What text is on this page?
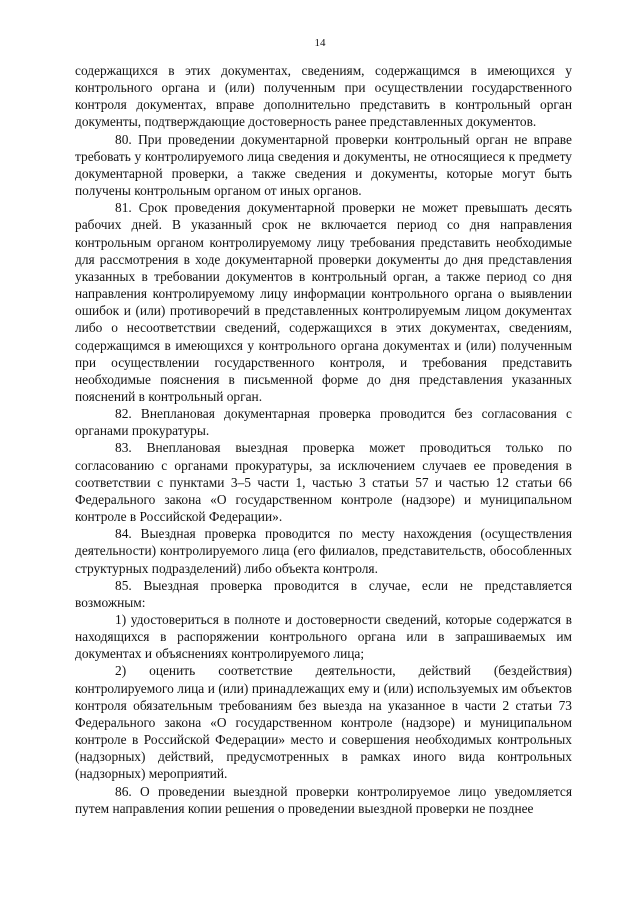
14

содержащихся в этих документах, сведениям, содержащимся в имеющихся у контрольного органа и (или) полученным при осуществлении государственного контроля документах, вправе дополнительно представить в контрольный орган документы, подтверждающие достоверность ранее представленных документов.

80. При проведении документарной проверки контрольный орган не вправе требовать у контролируемого лица сведения и документы, не относящиеся к предмету документарной проверки, а также сведения и документы, которые могут быть получены контрольным органом от иных органов.

81. Срок проведения документарной проверки не может превышать десять рабочих дней. В указанный срок не включается период со дня направления контрольным органом контролируемому лицу требования представить необходимые для рассмотрения в ходе документарной проверки документы до дня представления указанных в требовании документов в контрольный орган, а также период со дня направления контролируемому лицу информации контрольного органа о выявлении ошибок и (или) противоречий в представленных контролируемым лицом документах либо о несоответствии сведений, содержащихся в этих документах, сведениям, содержащимся в имеющихся у контрольного органа документах и (или) полученным при осуществлении государственного контроля, и требования представить необходимые пояснения в письменной форме до дня представления указанных пояснений в контрольный орган.

82. Внеплановая документарная проверка проводится без согласования с органами прокуратуры.

83. Внеплановая выездная проверка может проводиться только по согласованию с органами прокуратуры, за исключением случаев ее проведения в соответствии с пунктами 3–5 части 1, частью 3 статьи 57 и частью 12 статьи 66 Федерального закона «О государственном контроле (надзоре) и муниципальном контроле в Российской Федерации».

84. Выездная проверка проводится по месту нахождения (осуществления деятельности) контролируемого лица (его филиалов, представительств, обособленных структурных подразделений) либо объекта контроля.

85. Выездная проверка проводится в случае, если не представляется возможным:

1) удостовериться в полноте и достоверности сведений, которые содержатся в находящихся в распоряжении контрольного органа или в запрашиваемых им документах и объяснениях контролируемого лица;

2) оценить соответствие деятельности, действий (бездействия) контролируемого лица и (или) принадлежащих ему и (или) используемых им объектов контроля обязательным требованиям без выезда на указанное в части 2 статьи 73 Федерального закона «О государственном контроле (надзоре) и муниципальном контроле в Российской Федерации» место и совершения необходимых контрольных (надзорных) действий, предусмотренных в рамках иного вида контрольных (надзорных) мероприятий.

86. О проведении выездной проверки контролируемое лицо уведомляется путем направления копии решения о проведении выездной проверки не позднее
